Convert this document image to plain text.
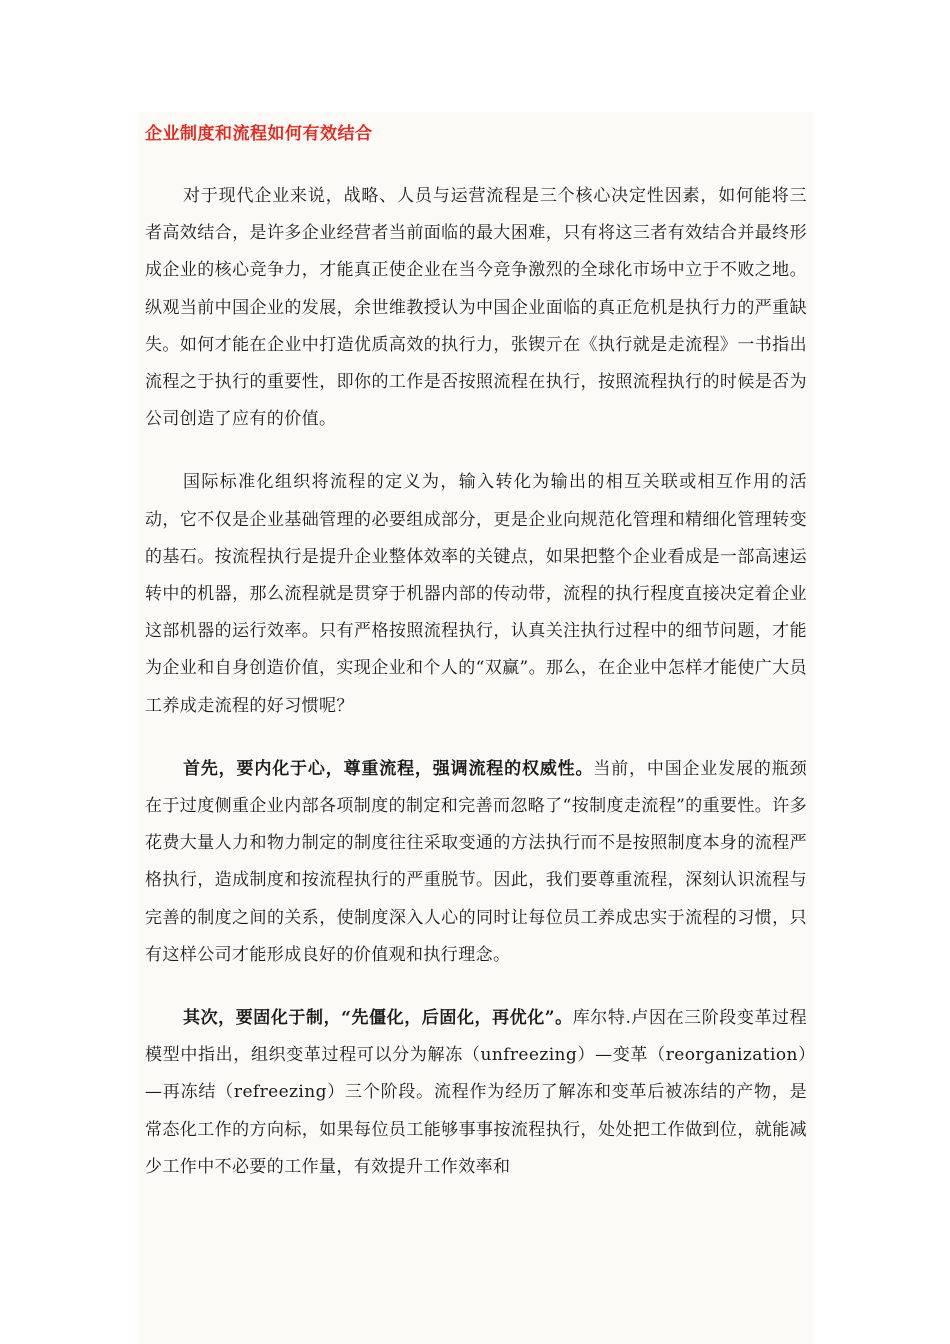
企业制度和流程如何有效结合

对于现代企业来说，战略、人员与运营流程是三个核心决定性因素，如何能将三者高效结合，是许多企业经营者当前面临的最大困难，只有将这三者有效结合并最终形成企业的核心竞争力，才能真正使企业在当今竞争激烈的全球化市场中立于不败之地。纵观当前中国企业的发展，余世维教授认为中国企业面临的真正危机是执行力的严重缺失。如何才能在企业中打造优质高效的执行力，张锲亓在《执行就是走流程》一书指出流程之于执行的重要性，即你的工作是否按照流程在执行，按照流程执行的时候是否为公司创造了应有的价值。

国际标准化组织将流程的定义为，输入转化为输出的相互关联或相互作用的活动，它不仅是企业基础管理的必要组成部分，更是企业向规范化管理和精细化管理转变的基石。按流程执行是提升企业整体效率的关键点，如果把整个企业看成是一部高速运转中的机器，那么流程就是贯穿于机器内部的传动带，流程的执行程度直接决定着企业这部机器的运行效率。只有严格按照流程执行，认真关注执行过程中的细节问题，才能为企业和自身创造价值，实现企业和个人的“双赢”。那么，在企业中怎样才能使广大员工养成走流程的好习惯呢？

首先，要内化于心，尊重流程，强调流程的权威性。当前，中国企业发展的瓶颈在于过度侧重企业内部各项制度的制定和完善而忽略了“按制度走流程”的重要性。许多花费大量人力和物力制定的制度往往采取变通的方法执行而不是按照制度本身的流程严格执行，造成制度和按流程执行的严重脱节。因此，我们要尊重流程，深刻认识流程与完善的制度之间的关系，使制度深入人心的同时让每位员工养成忠实于流程的习惯，只有这样公司才能形成良好的价值观和执行理念。

其次，要固化于制，“先僵化，后固化，再优化”。库尔特.卢因在三阶段变革过程模型中指出，组织变革过程可以分为解冻（unfreezing）—变革（reorganization）—再冻结（refreezing）三个阶段。流程作为经历了解冻和变革后被冻结的产物，是常态化工作的方向标，如果每位员工能够事事按流程执行，处处把工作做到位，就能减少工作中不必要的工作量，有效提升工作效率和
